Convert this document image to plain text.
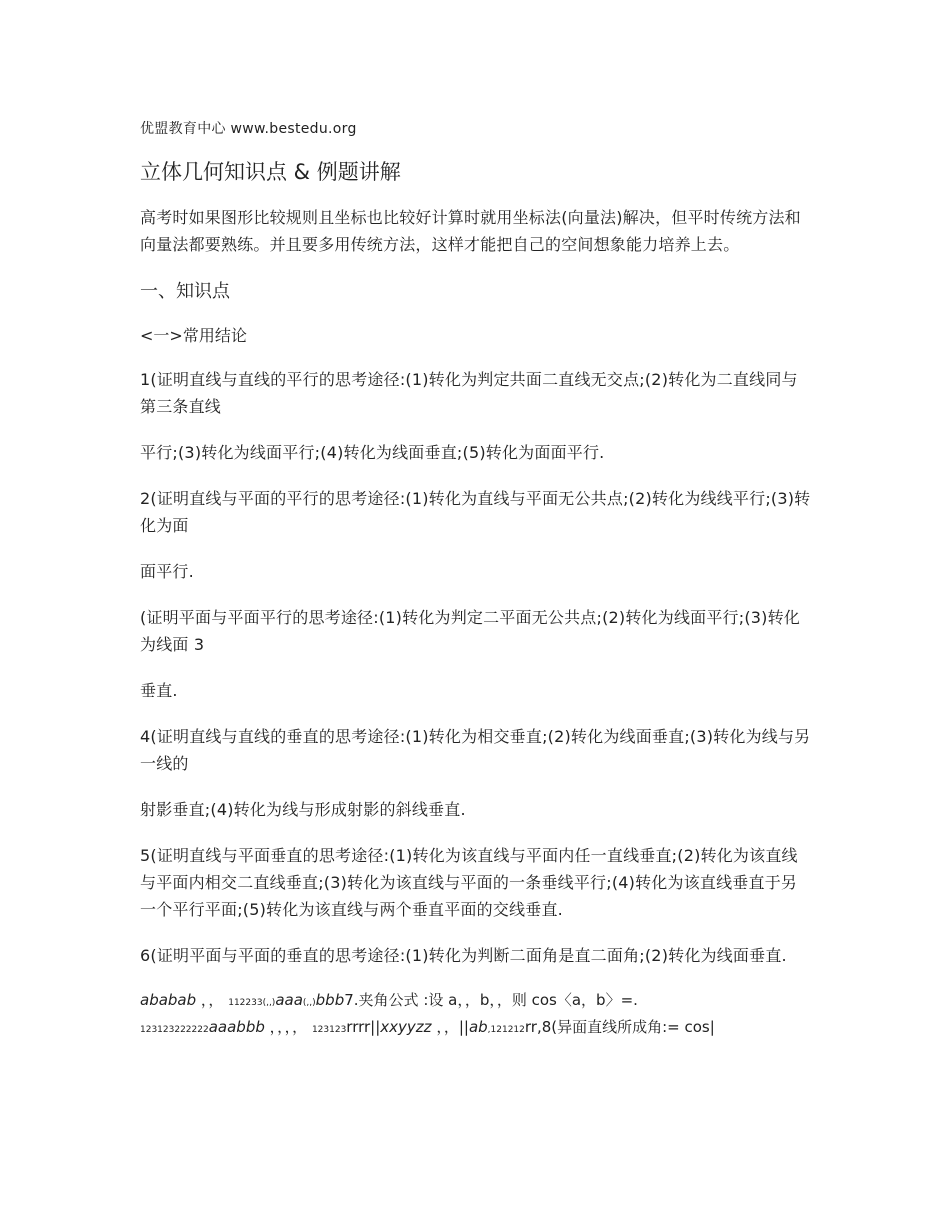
优盟教育中心 www.bestedu.org
立体几何知识点 & 例题讲解
高考时如果图形比较规则且坐标也比较好计算时就用坐标法(向量法)解决，但平时传统方法和向量法都要熟练。并且要多用传统方法，这样才能把自己的空间想象能力培养上去。
一、知识点
<一>常用结论
1(证明直线与直线的平行的思考途径:(1)转化为判定共面二直线无交点;(2)转化为二直线同与第三条直线
平行;(3)转化为线面平行;(4)转化为线面垂直;(5)转化为面面平行.
2(证明直线与平面的平行的思考途径:(1)转化为直线与平面无公共点;(2)转化为线线平行;(3)转化为面
面平行.
(证明平面与平面平行的思考途径:(1)转化为判定二平面无公共点;(2)转化为线面平行;(3)转化为线面 3
垂直.
4(证明直线与直线的垂直的思考途径:(1)转化为相交垂直;(2)转化为线面垂直;(3)转化为线与另一线的
射影垂直;(4)转化为线与形成射影的斜线垂直.
5(证明直线与平面垂直的思考途径:(1)转化为该直线与平面内任一直线垂直;(2)转化为该直线与平面内相交二直线垂直;(3)转化为该直线与平面的一条垂线平行;(4)转化为该直线垂直于另一个平行平面;(5)转化为该直线与两个垂直平面的交线垂直.
6(证明平面与平面的垂直的思考途径:(1)转化为判断二面角是直二面角;(2)转化为线面垂直.
ababab ，， 112233(,,)aaa(,,)bbb7.夹角公式 :设 a，，b，，则 cos〈a，b〉=.
123123222222aaabbb ，，，， 123123rrrr||xxyyzz ，，||ab,121212rr,8(异面直线所成角:= cos|
